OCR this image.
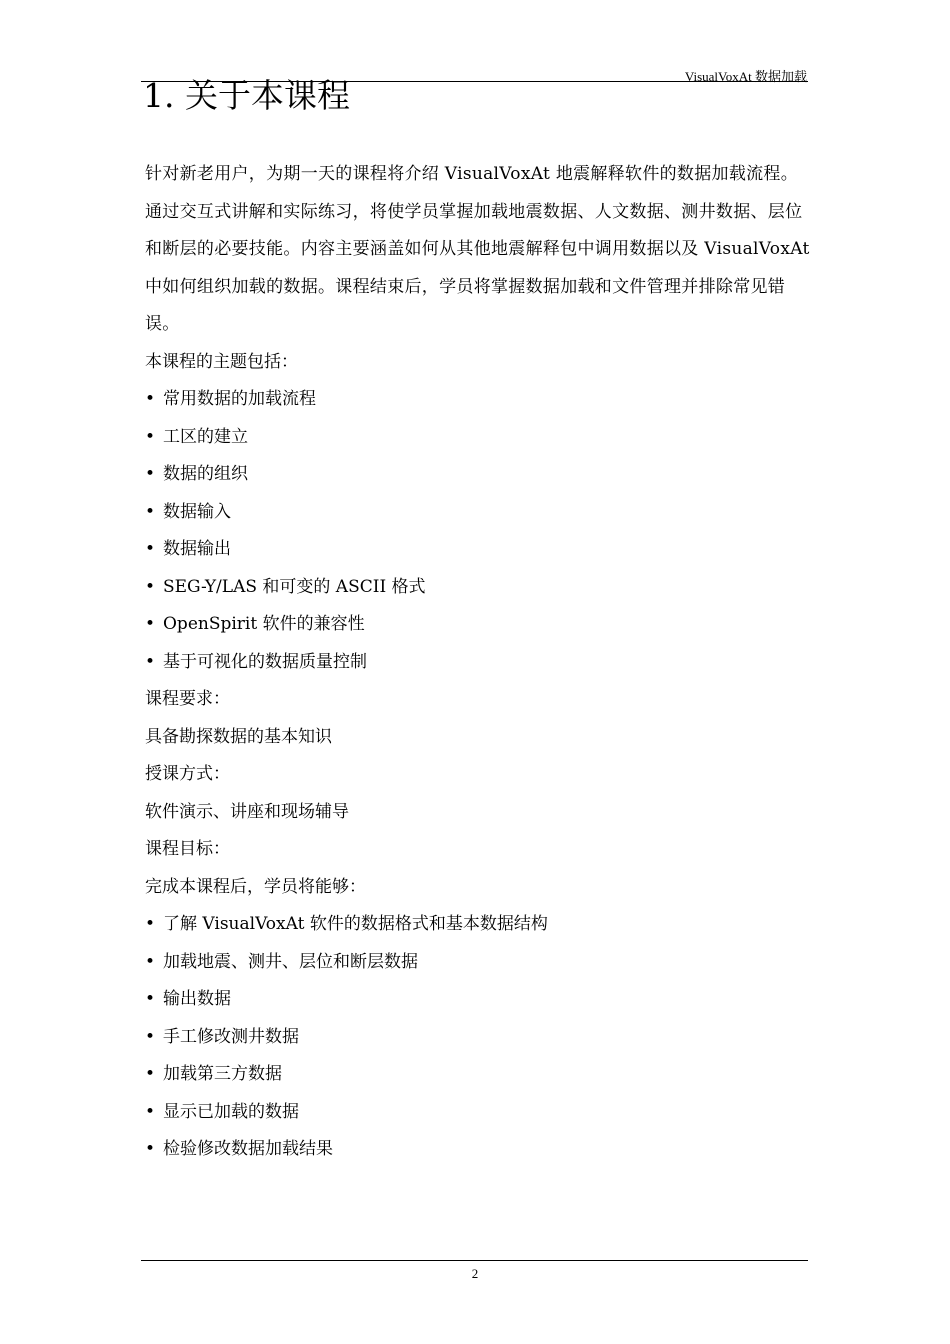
VisualVoxAt 数据加载
1. 关于本课程

针对新老用户，为期一天的课程将介绍 VisualVoxAt 地震解释软件的数据加载流程。通过交互式讲解和实际练习，将使学员掌握加载地震数据、人文数据、测井数据、层位和断层的必要技能。内容主要涵盖如何从其他地震解释包中调用数据以及 VisualVoxAt 中如何组织加载的数据。课程结束后，学员将掌握数据加载和文件管理并排除常见错误。

本课程的主题包括：

• 常用数据的加载流程

• 工区的建立

• 数据的组织

• 数据输入

• 数据输出

• SEG-Y/LAS 和可变的 ASCII 格式

• OpenSpirit 软件的兼容性

• 基于可视化的数据质量控制

课程要求：

具备勘探数据的基本知识

授课方式：

软件演示、讲座和现场辅导

课程目标：

完成本课程后，学员将能够：

• 了解 VisualVoxAt 软件的数据格式和基本数据结构

• 加载地震、测井、层位和断层数据

• 输出数据

• 手工修改测井数据

• 加载第三方数据

• 显示已加载的数据

• 检验修改数据加载结果

2
